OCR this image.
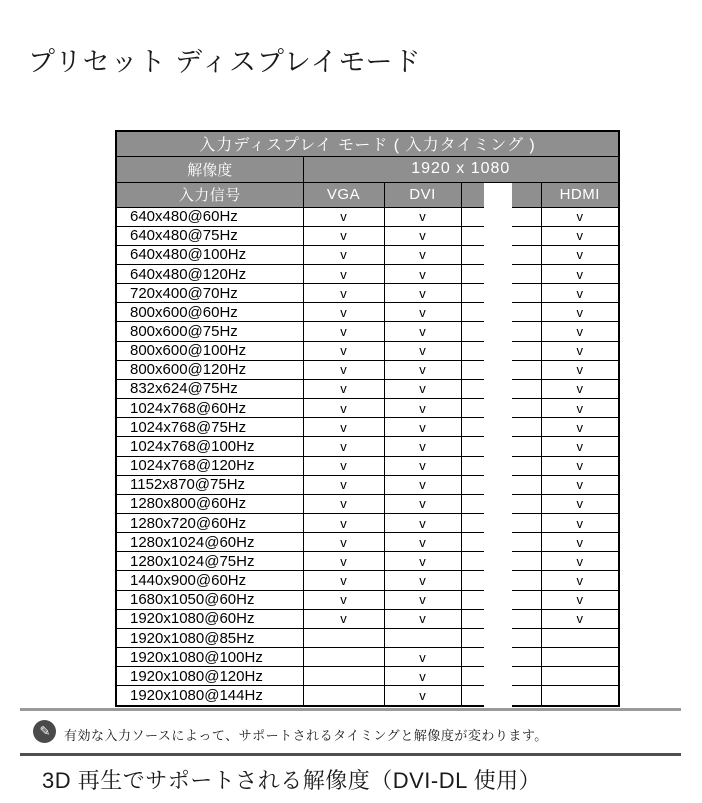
プリセット ディスプレイモード
入力ディスプレイ モード ( 入力タイミング )				
解像度	1920 x 1080			
入力信号	VGA	DVI		HDMI
640x480@60Hz	v	v		v
640x480@75Hz	v	v		v
640x480@100Hz	v	v		v
640x480@120Hz	v	v		v
720x400@70Hz	v	v		v
800x600@60Hz	v	v		v
800x600@75Hz	v	v		v
800x600@100Hz	v	v		v
800x600@120Hz	v	v		v
832x624@75Hz	v	v		v
1024x768@60Hz	v	v		v
1024x768@75Hz	v	v		v
1024x768@100Hz	v	v		v
1024x768@120Hz	v	v		v
1152x870@75Hz	v	v		v
1280x800@60Hz	v	v		v
1280x720@60Hz	v	v		v
1280x1024@60Hz	v	v		v
1280x1024@75Hz	v	v		v
1440x900@60Hz	v	v		v
1680x1050@60Hz	v	v		v
1920x1080@60Hz	v	v		v
1920x1080@85Hz				
1920x1080@100Hz		v		
1920x1080@120Hz		v		
1920x1080@144Hz		v		
✎ 有効な入力ソースによって、サポートされるタイミングと解像度が変わります。
3D 再生でサポートされる解像度（DVI-DL 使用）
